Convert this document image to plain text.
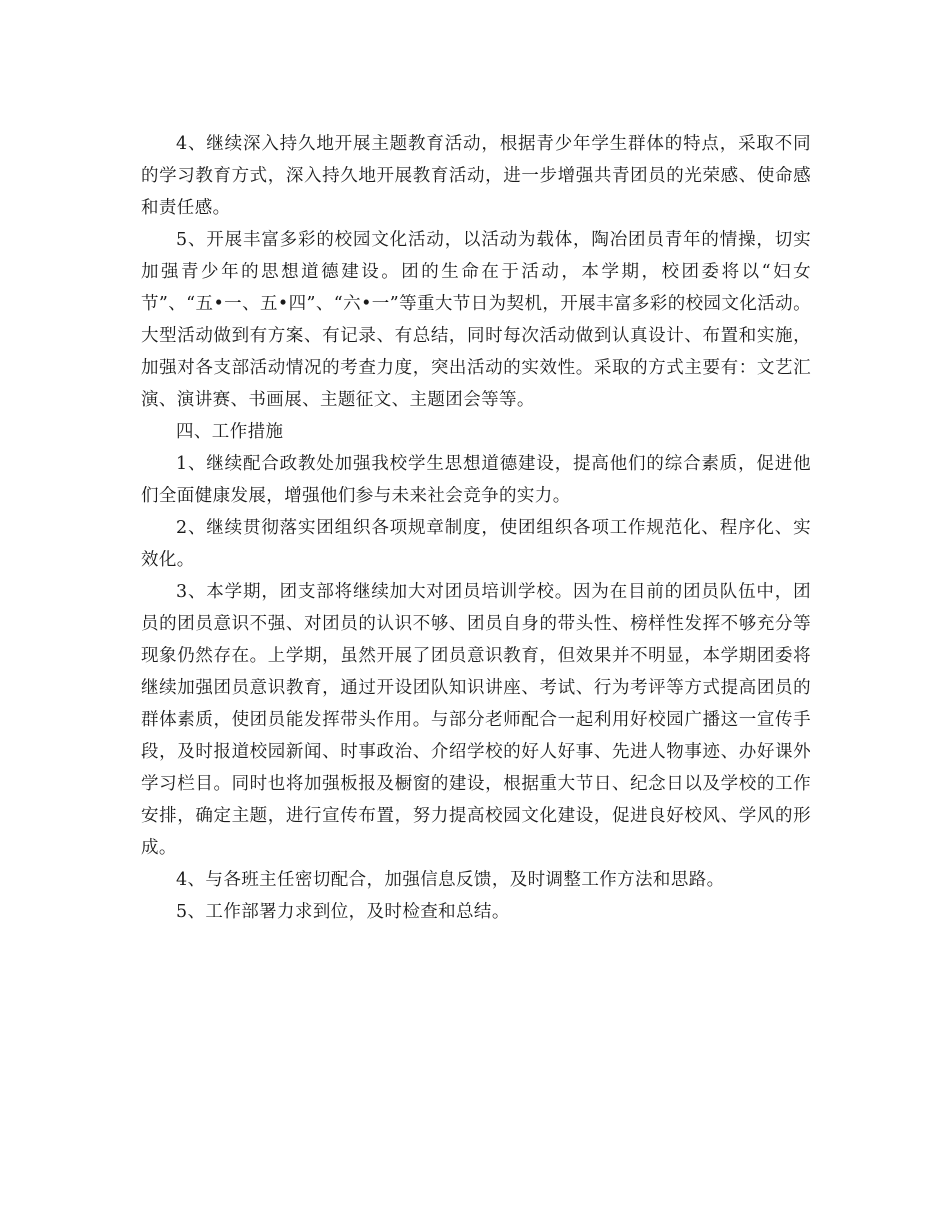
4、继续深入持久地开展主题教育活动，根据青少年学生群体的特点，采取不同的学习教育方式，深入持久地开展教育活动，进一步增强共青团员的光荣感、使命感和责任感。

5、开展丰富多彩的校园文化活动，以活动为载体，陶冶团员青年的情操，切实加强青少年的思想道德建设。团的生命在于活动，本学期，校团委将以“妇女节”、“五•一、五•四”、“六•一”等重大节日为契机，开展丰富多彩的校园文化活动。大型活动做到有方案、有记录、有总结，同时每次活动做到认真设计、布置和实施，加强对各支部活动情况的考查力度，突出活动的实效性。采取的方式主要有：文艺汇演、演讲赛、书画展、主题征文、主题团会等等。

四、工作措施

1、继续配合政教处加强我校学生思想道德建设，提高他们的综合素质，促进他们全面健康发展，增强他们参与未来社会竞争的实力。

2、继续贯彻落实团组织各项规章制度，使团组织各项工作规范化、程序化、实效化。

3、本学期，团支部将继续加大对团员培训学校。因为在目前的团员队伍中，团员的团员意识不强、对团员的认识不够、团员自身的带头性、榜样性发挥不够充分等现象仍然存在。上学期，虽然开展了团员意识教育，但效果并不明显，本学期团委将继续加强团员意识教育，通过开设团队知识讲座、考试、行为考评等方式提高团员的群体素质，使团员能发挥带头作用。与部分老师配合一起利用好校园广播这一宣传手段，及时报道校园新闻、时事政治、介绍学校的好人好事、先进人物事迹、办好课外学习栏目。同时也将加强板报及橱窗的建设，根据重大节日、纪念日以及学校的工作安排，确定主题，进行宣传布置，努力提高校园文化建设，促进良好校风、学风的形成。

4、与各班主任密切配合，加强信息反馈，及时调整工作方法和思路。

5、工作部署力求到位，及时检查和总结。
